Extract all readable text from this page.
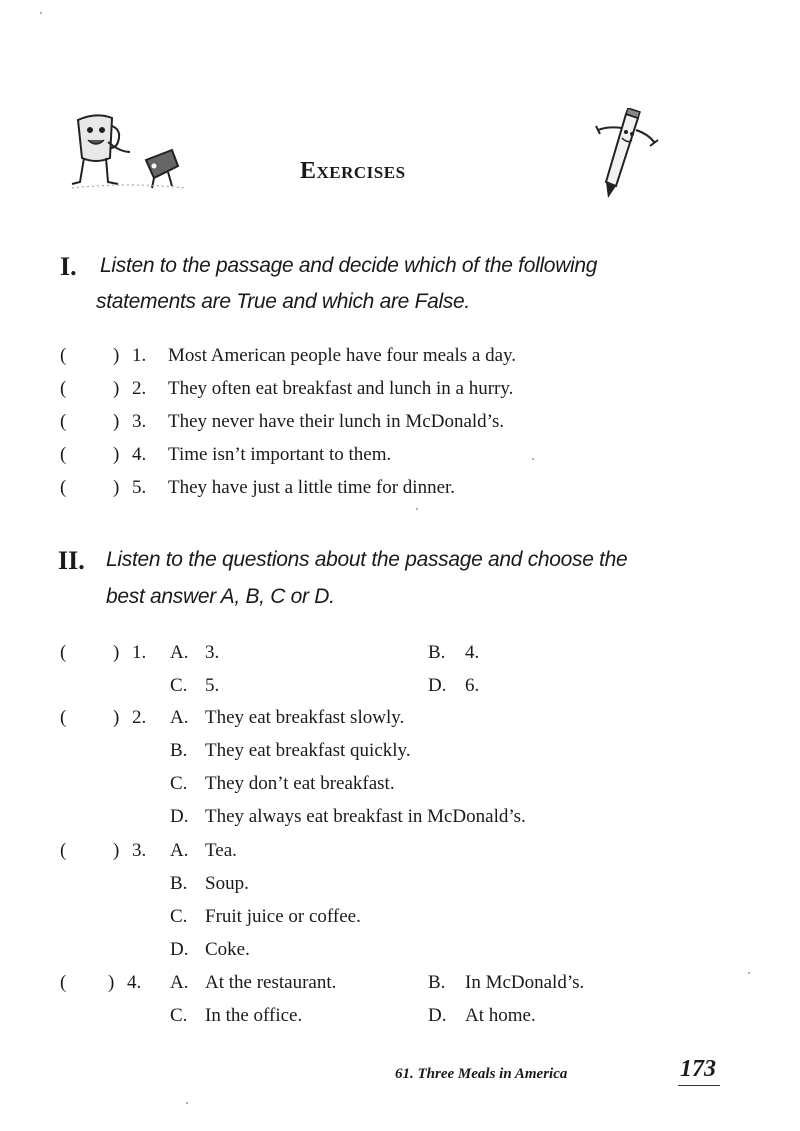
Exercises
I. Listen to the passage and decide which of the following
statements are True and which are False.
( ) 1. Most American people have four meals a day.
( ) 2. They often eat breakfast and lunch in a hurry.
( ) 3. They never have their lunch in McDonald’s.
( ) 4. Time isn’t important to them.
( ) 5. They have just a little time for dinner.
II. Listen to the questions about the passage and choose the
best answer A, B, C or D.
( ) 1. A. 3.	B. 4.
C. 5.	D. 6.
( ) 2. A. They eat breakfast slowly.
B. They eat breakfast quickly.
C. They don’t eat breakfast.
D. They always eat breakfast in McDonald’s.
( ) 3. A. Tea.
B. Soup.
C. Fruit juice or coffee.
D. Coke.
( ) 4. A. At the restaurant.	B. In McDonald’s.
C. In the office.	D. At home.
61. Three Meals in America	173
